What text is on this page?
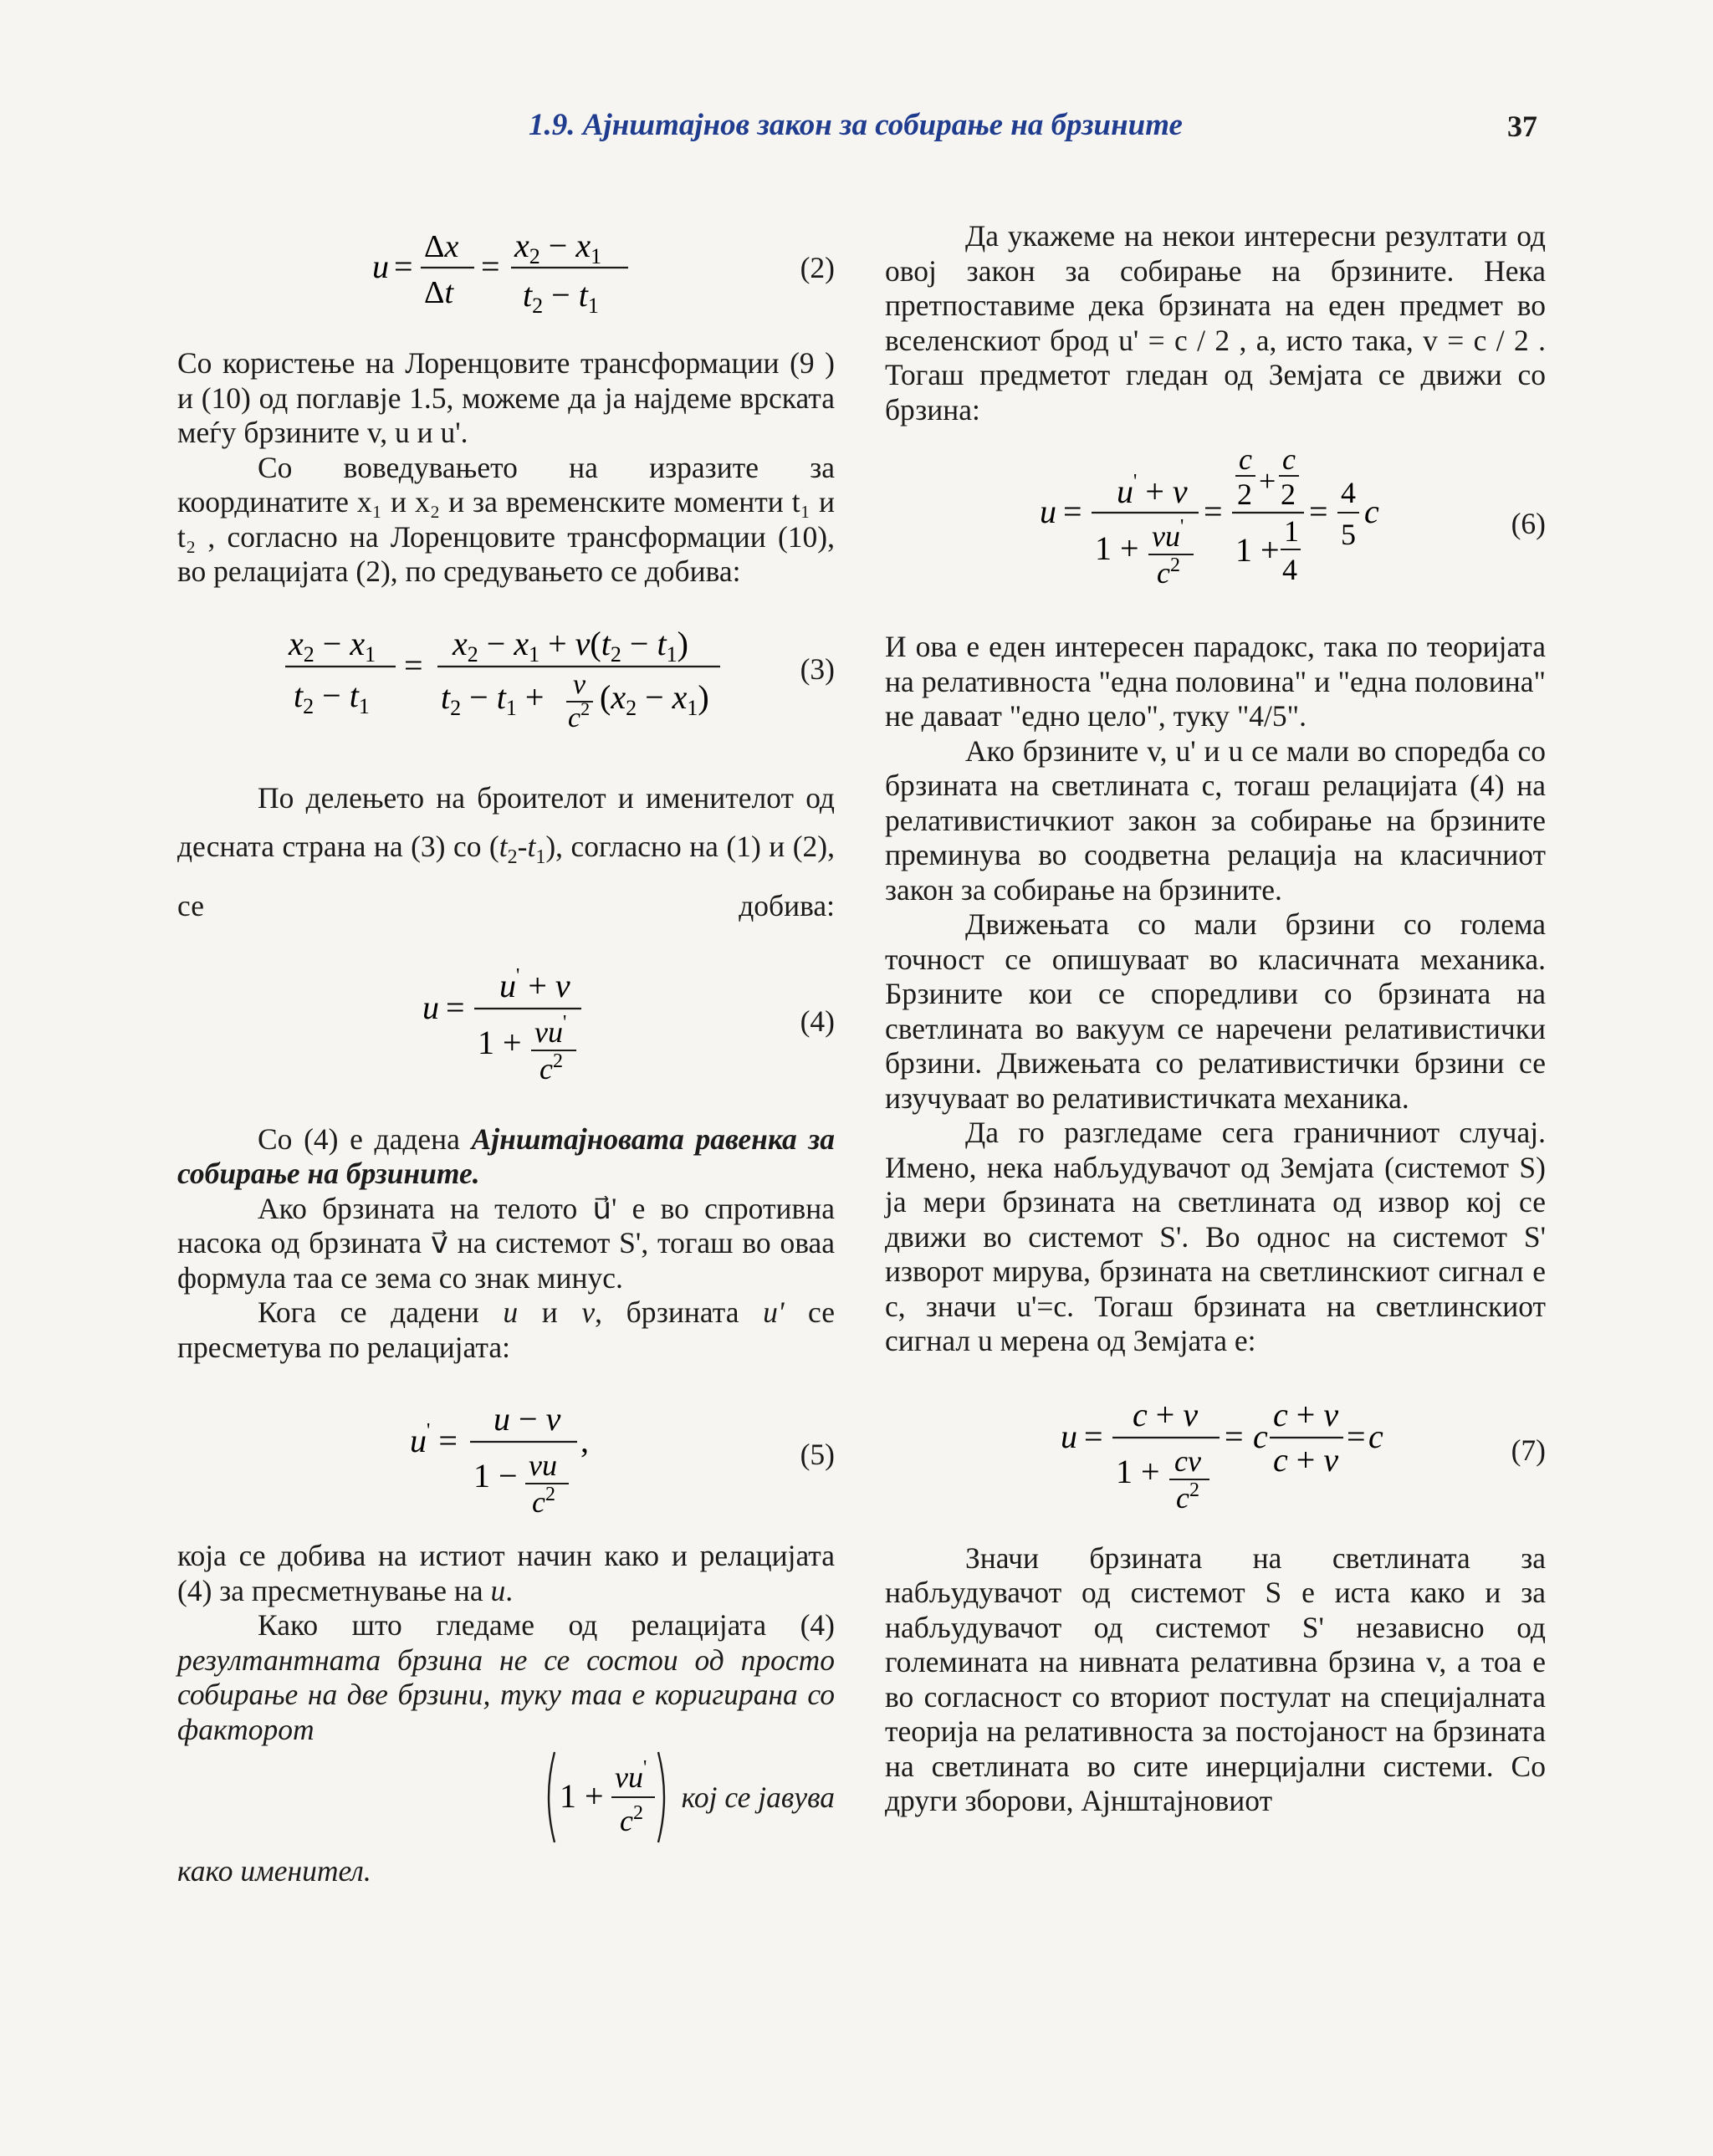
1.9. Ајнштајнов закон за собирање на брзините	37
u =
Δx
Δt
=
$x_2 - x_1$
$t_2 - t_1$
(2)

Со користење на Лоренцовите трансформации (9 ) и (10) од поглавје 1.5, можеме да ја најдеме врската меѓу брзините v, u и u'.

Со воведувањето на изразите за координатите x₁ и x₂ и за временските моменти t₁ и t₂ , согласно на Лоренцовите трансформации (10), во релацијата (2), по средувањето се добива:

$x_2 - x_1$
$t_2 - t_1$
=
$x_2 - x_1 + v(t_2 - t_1)$
$t_2 - t_1 + v$
$c^2$ $(x_2 - x_1)$
(3)

По делењето на броителот и именителот од десната страна на (3) со $(t_2-t_1)$, согласно на (1) и (2), се добива:

u =
u' + v
1 + vu'
$c^2$
(4)

Со (4) е дадена Ајнштајновата равенка за собирање на брзините.

Ако брзината на телото u⃗' е во спротивна насока од брзината v⃗ на системот S', тогаш во оваа формула таа се зема со знак минус.

Кога се дадени u и v, брзината u' се пресметува по релацијата:

u' =
u − v
,
1 − vu
$c^2$
(5)

која се добива на истиот начин како и релацијата (4) за пресметнување на u.

Како што гледаме од релацијата (4) резултантната брзина не се состои од просто собирање на две брзини, туку таа е коригирана со факторот

1 + vu'
$c^2$ кој се јавува

како именител.

Да укажеме на некои интересни резултати од овој закон за собирање на брзините. Нека претпоставиме дека брзината на еден предмет во вселенскиот брод u' = c / 2 , а, исто така, v = c / 2 . Тогаш предметот гледан од Земјата се движи со брзина:

u =
u' + v
1 + vu'
$c^2$
=
c
2 +
c
2
1 + 1
4
= 4
5
c	(6)

И ова е еден интересен парадокс, така по теоријата на релативноста "една половина" и "една половина" не даваат "едно цело", туку "4/5".

Ако брзините v, u' и u се мали во споредба со брзината на светлината c, тогаш релацијата (4) на релативистичкиот закон за собирање на брзините преминува во соодветна релација на класичниот закон за собирање на брзините.

Движењата со мали брзини со голема точност се опишуваат во класичната механика. Брзините кои се споредливи со брзината на светлината во вакуум се наречени релативистички брзини. Движењата со релативистички брзини се изучуваат во релативистичката механика.

Да го разгледаме сега граничниот случај. Имено, нека набљудувачот од Земјата (системот S) ја мери брзината на светлината од извор кој се движи во системот S'. Во однос на системот S' изворот мирува, брзината на светлинскиот сигнал е c, значи u'=c. Тогаш брзината на светлинскиот сигнал u мерена од Земјата е:

u =
c + v
1 + cv
$c^2$
= c
c + v
c + v
= c	(7)

Значи брзината на светлината за набљудувачот од системот S е иста како и за набљудувачот од системот S' независно од големината на нивната релативна брзина v, а тоа е во согласност со вториот постулат на специјалната теорија на релативноста за постојаност на брзината на светлината во сите инерцијални системи. Со други зборови, Ајнштајновиот
